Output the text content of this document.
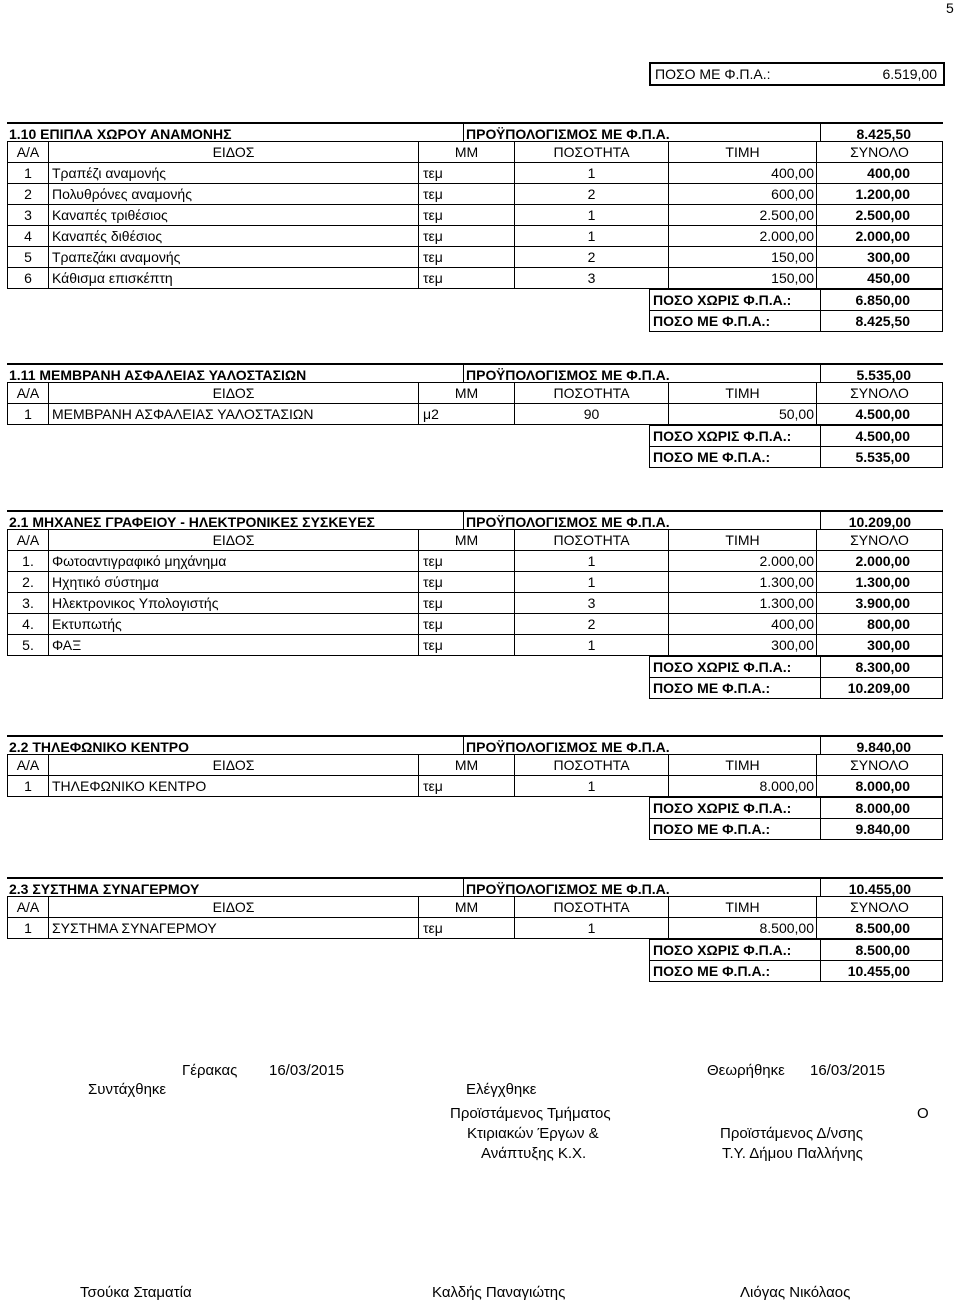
5
ΠΟΣΟ ΜΕ Φ.Π.Α.:	6.519,00
1.10 ΕΠΙΠΛΑ ΧΩΡΟΥ ΑΝΑΜΟΝΗΣ	ΠΡΟΫΠΟΛΟΓΙΣΜΟΣ ΜΕ Φ.Π.Α.	8.425,50
Α/Α	ΕΙΔΟΣ	ΜΜ	ΠΟΣΟΤΗΤΑ	ΤΙΜΗ	ΣΥΝΟΛΟ
1	Τραπέζι αναμονής	τεμ	1	400,00	400,00
2	Πολυθρόνες αναμονής	τεμ	2	600,00	1.200,00
3	Καναπές τριθέσιος	τεμ	1	2.500,00	2.500,00
4	Καναπές διθέσιος	τεμ	1	2.000,00	2.000,00
5	Τραπεζάκι αναμονής	τεμ	2	150,00	300,00
6	Κάθισμα επισκέπτη	τεμ	3	150,00	450,00
ΠΟΣΟ ΧΩΡΙΣ Φ.Π.Α.:	6.850,00
ΠΟΣΟ ΜΕ Φ.Π.Α.:	8.425,50
1.11 ΜΕΜΒΡΑΝΗ ΑΣΦΑΛΕΙΑΣ ΥΑΛΟΣΤΑΣΙΩΝ	ΠΡΟΫΠΟΛΟΓΙΣΜΟΣ ΜΕ Φ.Π.Α.	5.535,00
Α/Α	ΕΙΔΟΣ	ΜΜ	ΠΟΣΟΤΗΤΑ	ΤΙΜΗ	ΣΥΝΟΛΟ
1	ΜΕΜΒΡΑΝΗ ΑΣΦΑΛΕΙΑΣ ΥΑΛΟΣΤΑΣΙΩΝ	μ2	90	50,00	4.500,00
ΠΟΣΟ ΧΩΡΙΣ Φ.Π.Α.:	4.500,00
ΠΟΣΟ ΜΕ Φ.Π.Α.:	5.535,00
2.1 ΜΗΧΑΝΕΣ ΓΡΑΦΕΙΟΥ - ΗΛΕΚΤΡΟΝΙΚΕΣ ΣΥΣΚΕΥΕΣ	ΠΡΟΫΠΟΛΟΓΙΣΜΟΣ ΜΕ Φ.Π.Α.	10.209,00
Α/Α	ΕΙΔΟΣ	ΜΜ	ΠΟΣΟΤΗΤΑ	ΤΙΜΗ	ΣΥΝΟΛΟ
1.	Φωτοαντιγραφικό μηχάνημα	τεμ	1	2.000,00	2.000,00
2.	Ηχητικό σύστημα	τεμ	1	1.300,00	1.300,00
3.	Ηλεκτρονικος Υπολογιστής	τεμ	3	1.300,00	3.900,00
4.	Εκτυπωτής	τεμ	2	400,00	800,00
5.	ΦΑΞ	τεμ	1	300,00	300,00
ΠΟΣΟ ΧΩΡΙΣ Φ.Π.Α.:	8.300,00
ΠΟΣΟ ΜΕ Φ.Π.Α.:	10.209,00
2.2 ΤΗΛΕΦΩΝΙΚΟ ΚΕΝΤΡΟ	ΠΡΟΫΠΟΛΟΓΙΣΜΟΣ ΜΕ Φ.Π.Α.	9.840,00
Α/Α	ΕΙΔΟΣ	ΜΜ	ΠΟΣΟΤΗΤΑ	ΤΙΜΗ	ΣΥΝΟΛΟ
1	ΤΗΛΕΦΩΝΙΚΟ ΚΕΝΤΡΟ	τεμ	1	8.000,00	8.000,00
ΠΟΣΟ ΧΩΡΙΣ Φ.Π.Α.:	8.000,00
ΠΟΣΟ ΜΕ Φ.Π.Α.:	9.840,00
2.3 ΣΥΣΤΗΜΑ ΣΥΝΑΓΕΡΜΟΥ	ΠΡΟΫΠΟΛΟΓΙΣΜΟΣ ΜΕ Φ.Π.Α.	10.455,00
Α/Α	ΕΙΔΟΣ	ΜΜ	ΠΟΣΟΤΗΤΑ	ΤΙΜΗ	ΣΥΝΟΛΟ
1	ΣΥΣΤΗΜΑ ΣΥΝΑΓΕΡΜΟΥ	τεμ	1	8.500,00	8.500,00
ΠΟΣΟ ΧΩΡΙΣ Φ.Π.Α.:	8.500,00
ΠΟΣΟ ΜΕ Φ.Π.Α.:	10.455,00
Γέρακας 16/03/2015	Θεωρήθηκε 16/03/2015
Συντάχθηκε	Ελέγχθηκε
Προϊστάμενος Τμήματος
Κτιριακών Έργων &
Ανάπτυξης Κ.Χ.
Ο
Προϊστάμενος Δ/νσης
Τ.Υ. Δήμου Παλλήνης
Τσούκα Σταματία	Καλδής Παναγιώτης	Λιόγας Νικόλαος
